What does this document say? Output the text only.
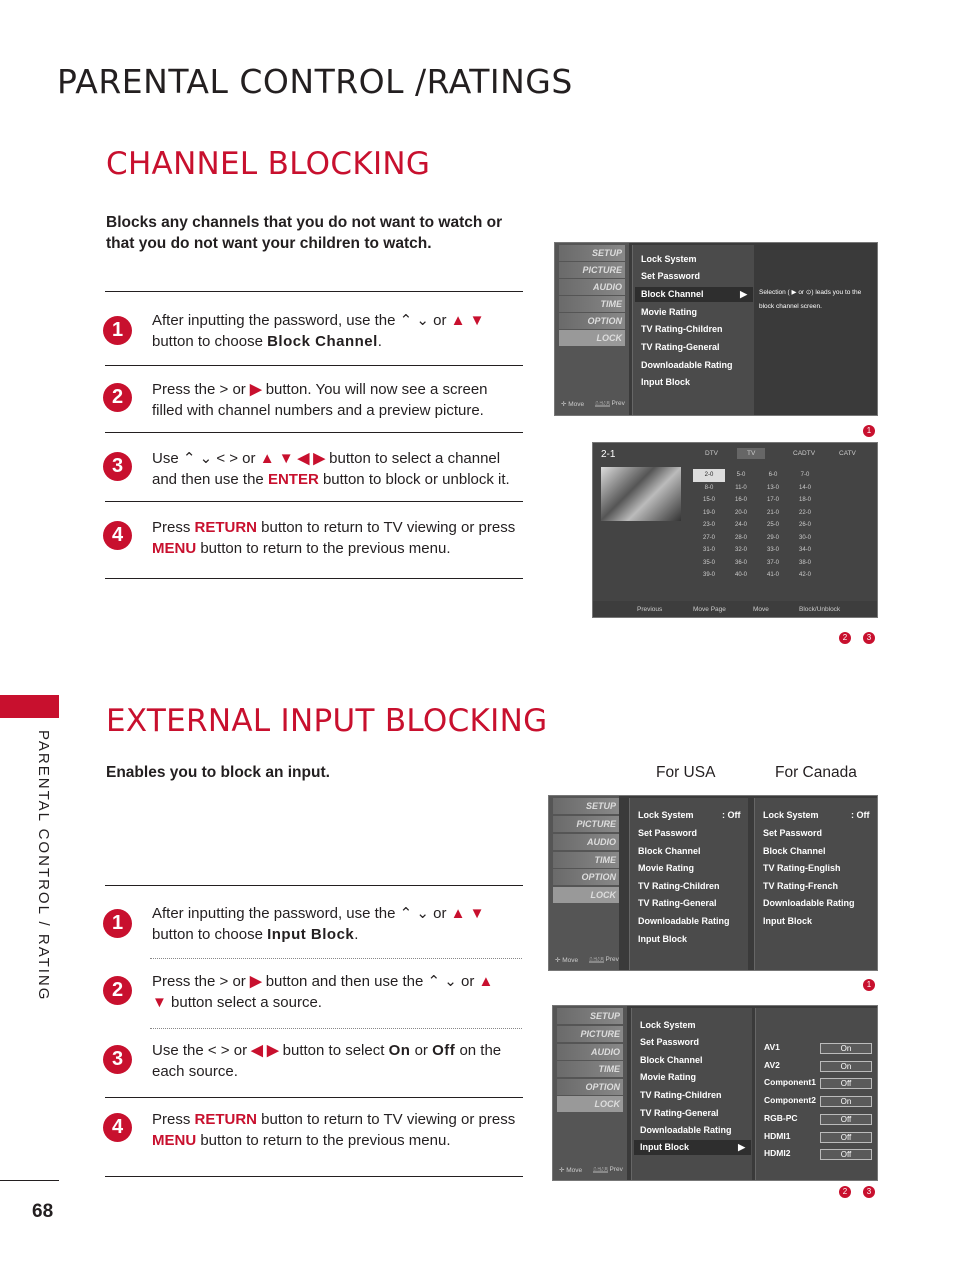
PARENTAL CONTROL /RATINGS
PARENTAL CONTROL / RATING
68
CHANNEL BLOCKING
Blocks any channels that you do not want to watch or that you do not want your children to watch.
1	After inputting the password, use the ⌃ ⌄ or ▲ ▼
button to choose Block Channel.
2	Press the > or ▶ button. You will now see a screen filled with channel numbers and a preview picture.
3	Use ⌃ ⌄ < > or ▲ ▼ ◀ ▶ button to select a channel and then use the ENTER button to block or unblock it.
4	Press RETURN button to return to TV viewing or press MENU button to return to the previous menu.
SETUP
PICTURE
AUDIO
TIME
OPTION
LOCK
✛ Move MENU Prev
Lock System
Set Password
Block Channel	▶
Movie Rating
TV Rating-Children
TV Rating-General
Downloadable Rating
Input Block
Selection ( ▶ or ⊙) leads you to the block channel screen.
1
2-1	DTV	TV	CADTV	CATV
2-0	5-0	6-0	7-0
8-0	11-0	13-0	14-0
15-0	16-0	17-0	18-0
19-0	20-0	21-0	22-0
23-0	24-0	25-0	26-0
27-0	28-0	29-0	30-0
31-0	32-0	33-0	34-0
35-0	36-0	37-0	38-0
39-0	40-0	41-0	42-0
Previous	Move Page	Move	Block/Unblock
2	3
EXTERNAL INPUT BLOCKING
Enables you to block an input.	For USA	For Canada
1	After inputting the password, use the ⌃ ⌄ or ▲ ▼
button to choose Input Block.
2	Press the > or ▶ button and then use the ⌃ ⌄ or ▲
▼ button select a source.
3	Use the < > or ◀ ▶ button to select On or Off on the each source.
4	Press RETURN button to return to TV viewing or press MENU button to return to the previous menu.
SETUP
PICTURE
AUDIO
TIME
OPTION
LOCK
✛ Move MENU Prev
Lock System	: Off
Set Password
Block Channel
Movie Rating
TV Rating-Children
TV Rating-General
Downloadable Rating
Input Block
Lock System	: Off
Set Password
Block Channel
TV Rating-English
TV Rating-French
Downloadable Rating
Input Block
1
SETUP
PICTURE
AUDIO
TIME
OPTION
LOCK
✛ Move MENU Prev
Lock System
Set Password
Block Channel
Movie Rating
TV Rating-Children
TV Rating-General
Downloadable Rating
Input Block	▶
AV1	On
AV2	On
Component1	Off
Component2	On
RGB-PC	Off
HDMI1	Off
HDMI2	Off
2	3
